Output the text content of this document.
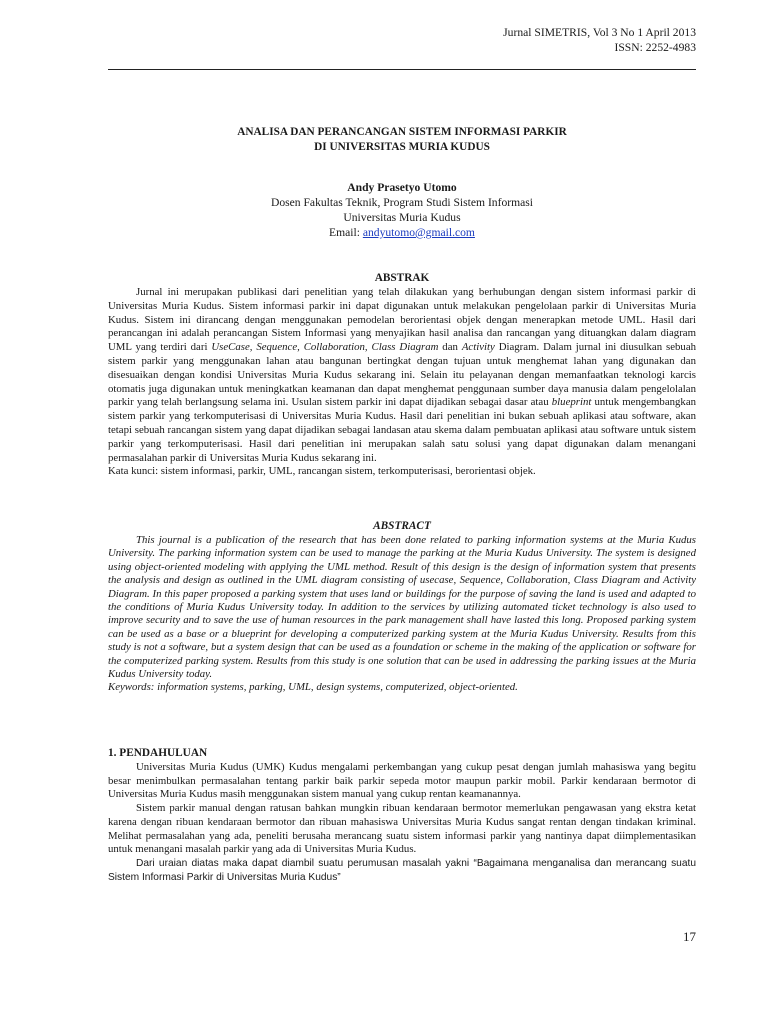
Jurnal SIMETRIS, Vol 3 No 1 April 2013
ISSN: 2252-4983
ANALISA DAN PERANCANGAN SISTEM INFORMASI PARKIR
DI UNIVERSITAS MURIA KUDUS
Andy Prasetyo Utomo
Dosen Fakultas Teknik, Program Studi Sistem Informasi
Universitas Muria Kudus
Email: andyutomo@gmail.com
ABSTRAK

Jurnal ini merupakan publikasi dari penelitian yang telah dilakukan yang berhubungan dengan sistem informasi parkir di Universitas Muria Kudus. Sistem informasi parkir ini dapat digunakan untuk melakukan pengelolaan parkir di Universitas Muria Kudus. Sistem ini dirancang dengan menggunakan pemodelan berorientasi objek dengan menerapkan metode UML. Hasil dari perancangan ini adalah perancangan Sistem Informasi yang menyajikan hasil analisa dan rancangan yang dituangkan dalam diagram UML yang terdiri dari UseCase, Sequence, Collaboration, Class Diagram dan Activity Diagram. Dalam jurnal ini diusulkan sebuah sistem parkir yang menggunakan lahan atau bangunan bertingkat dengan tujuan untuk menghemat lahan yang digunakan dan disesuaikan dengan kondisi Universitas Muria Kudus sekarang ini. Selain itu pelayanan dengan memanfaatkan teknologi karcis otomatis juga digunakan untuk meningkatkan keamanan dan dapat menghemat penggunaan sumber daya manusia dalam pengelolalan parkir yang telah berlangsung selama ini. Usulan sistem parkir ini dapat dijadikan sebagai dasar atau blueprint untuk mengembangkan sistem parkir yang terkomputerisasi di Universitas Muria Kudus. Hasil dari penelitian ini bukan sebuah aplikasi atau software, akan tetapi sebuah rancangan sistem yang dapat dijadikan sebagai landasan atau skema dalam pembuatan aplikasi atau software untuk sistem parkir yang terkomputerisasi. Hasil dari penelitian ini merupakan salah satu solusi yang dapat digunakan dalam menangani permasalahan parkir di Universitas Muria Kudus sekarang ini.

Kata kunci: sistem informasi, parkir, UML, rancangan sistem, terkomputerisasi, berorientasi objek.

ABSTRACT

This journal is a publication of the research that has been done related to parking information systems at the Muria Kudus University. The parking information system can be used to manage the parking at the Muria Kudus University. The system is designed using object-oriented modeling with applying the UML method. Result of this design is the design of information system that presents the analysis and design as outlined in the UML diagram consisting of usecase, Sequence, Collaboration, Class Diagram and Activity Diagram. In this paper proposed a parking system that uses land or buildings for the purpose of saving the land is used and adapted to the conditions of Muria Kudus University today. In addition to the services by utilizing automated ticket technology is also used to improve security and to save the use of human resources in the park management shall have lasted this long. Proposed parking system can be used as a base or a blueprint for developing a computerized parking system at the Muria Kudus University. Results from this study is not a software, but a system design that can be used as a foundation or scheme in the making of the application or software for the computerized parking system. Results from this study is one solution that can be used in addressing the parking issues at the Muria Kudus University today.

Keywords: information systems, parking, UML, design systems, computerized, object-oriented.

1. PENDAHULUAN

Universitas Muria Kudus (UMK) Kudus mengalami perkembangan yang cukup pesat dengan jumlah mahasiswa yang begitu besar menimbulkan permasalahan tentang parkir baik parkir sepeda motor maupun parkir mobil. Parkir kendaraan bermotor di Universitas Muria Kudus masih menggunakan sistem manual yang cukup rentan keamanannya.

Sistem parkir manual dengan ratusan bahkan mungkin ribuan kendaraan bermotor memerlukan pengawasan yang ekstra ketat karena dengan ribuan kendaraan bermotor dan ribuan mahasiswa Universitas Muria Kudus sangat rentan dengan tindakan kriminal. Melihat permasalahan yang ada, peneliti berusaha merancang suatu sistem informasi parkir yang nantinya dapat diimplementasikan untuk menangani masalah parkir yang ada di Universitas Muria Kudus.

Dari uraian diatas maka dapat diambil suatu perumusan masalah yakni “Bagaimana menganalisa dan merancang suatu Sistem Informasi Parkir di Universitas Muria Kudus”

17
